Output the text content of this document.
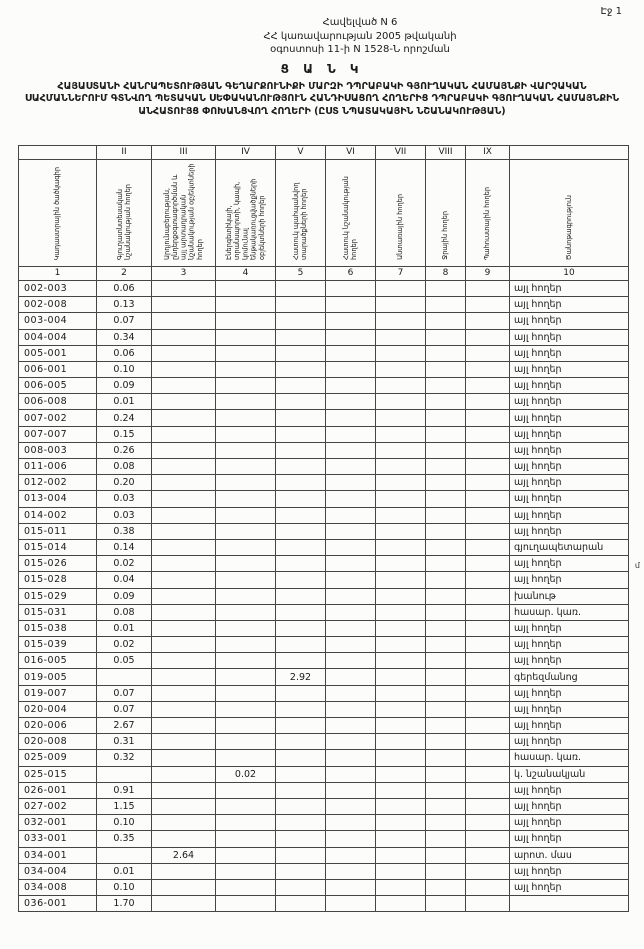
Էջ 1
Հավելված N 6
ՀՀ կառավարության 2005 թվականի
օգոստոսի 11-ի N 1528-Ն որոշման
Ց Ա Ն Կ
ՀԱՅԱՍՏԱՆԻ ՀԱՆՐԱՊԵՏՈՒԹՅԱՆ ԳԵՂԱՐՔՈՒՆԻՔԻ ՄԱՐԶԻ ԴՊՐԱԲԱԿԻ ԳՅՈՒՂԱԿԱՆ ՀԱՄԱՅՆՔԻ ՎԱՐՉԱԿԱՆ ՍԱՀՄԱՆՆԵՐՈՒՄ ԳՏՆՎՈՂ ՊԵՏԱԿԱՆ ՍԵՓԱԿԱՆՈՒԹՅՈՒՆ ՀԱՆԴԻՍԱՑՈՂ ՀՈՂԵՐԻՑ ԴՊՐԱԲԱԿԻ ԳՅՈՒՂԱԿԱՆ ՀԱՄԱՅՆՔԻՆ ԱՆՀԱՏՈՒՅՑ ՓՈԽԱՆՑՎՈՂ ՀՈՂԵՐԻ (ԸՍՏ ՆՊԱՏԱԿԱՅԻՆ ՆՇԱՆԱԿՈՒԹՅԱՆ)
	II	III	IV	V	VI	VII	VIII	IX	
Կադաստրային ծածկագիր	Գյուղատնտեսական նշանակության հողեր	Արդյունաբերության, ընդերքօգտագործման և այլ արտադրական նշանակության օբյեկտների հողեր	Էներգետիկայի, տրանսպորտի, կապի, կոմունալ ենթակառուցվածքների օբյեկտների հողեր	Հատուկ պահպանվող տարածքների հողեր	Հատուկ նշանակության հողեր	Անտառային հողեր	Ջրային հողեր	Պահուստային հողեր	Ծանոթագրություն
1	2	3	4	5	6	7	8	9	10
002-003	0.06								այլ հողեր
002-008	0.13								այլ հողեր
003-004	0.07								այլ հողեր
004-004	0.34								այլ հողեր
005-001	0.06								այլ հողեր
006-001	0.10								այլ հողեր
006-005	0.09								այլ հողեր
006-008	0.01								այլ հողեր
007-002	0.24								այլ հողեր
007-007	0.15								այլ հողեր
008-003	0.26								այլ հողեր
011-006	0.08								այլ հողեր
012-002	0.20								այլ հողեր
013-004	0.03								այլ հողեր
014-002	0.03								այլ հողեր
015-011	0.38								այլ հողեր
015-014	0.14								գյուղապետարան
015-026	0.02								այլ հողեր
015-028	0.04								այլ հողեր
015-029	0.09								խանութ
015-031	0.08								հասար. կառ.
015-038	0.01								այլ հողեր
015-039	0.02								այլ հողեր
016-005	0.05								այլ հողեր
019-005				2.92					գերեզմանոց
019-007	0.07								այլ հողեր
020-004	0.07								այլ հողեր
020-006	2.67								այլ հողեր
020-008	0.31								այլ հողեր
025-009	0.32								հասար. կառ.
025-015			0.02						կ. նշանակյան
026-001	0.91								այլ հողեր
027-002	1.15								այլ հողեր
032-001	0.10								այլ հողեր
033-001	0.35								այլ հողեր
034-001		2.64							արոտ. մաս
034-004	0.01								այլ հողեր
034-008	0.10								այլ հողեր
036-001	1.70								
մ
